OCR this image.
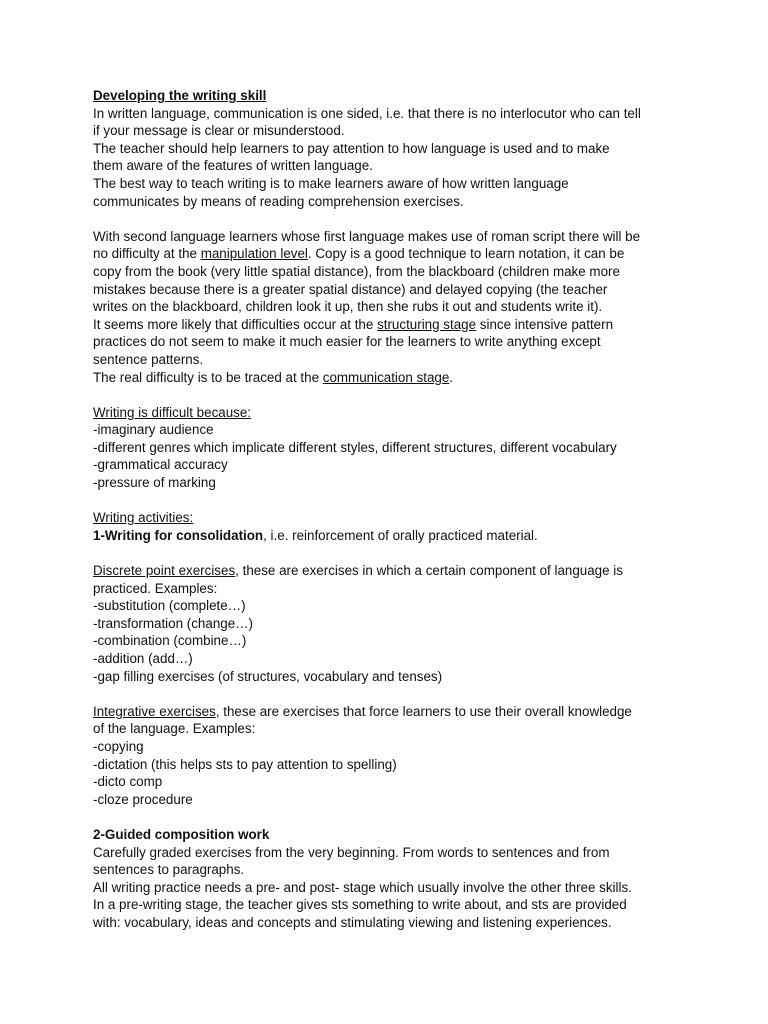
Developing the writing skill
In written language, communication is one sided, i.e. that there is no interlocutor who can tell
if your message is clear or misunderstood.
The teacher should help learners to pay attention to how language is used and to make
them aware of the features of written language.
The best way to teach writing is to make learners aware of how written language
communicates by means of reading comprehension exercises.
With second language learners whose first language makes use of roman script there will be
no difficulty at the manipulation level. Copy is a good technique to learn notation, it can be
copy from the book (very little spatial distance), from the blackboard (children make more
mistakes because there is a greater spatial distance) and delayed copying (the teacher
writes on the blackboard, children look it up, then she rubs it out and students write it).
It seems more likely that difficulties occur at the structuring stage since intensive pattern
practices do not seem to make it much easier for the learners to write anything except
sentence patterns.
The real difficulty is to be traced at the communication stage.
Writing is difficult because:
-imaginary audience
-different genres which implicate different styles, different structures, different vocabulary
-grammatical accuracy
-pressure of marking
Writing activities:
1-Writing for consolidation, i.e. reinforcement of orally practiced material.
Discrete point exercises, these are exercises in which a certain component of language is
practiced. Examples:
-substitution (complete…)
-transformation (change…)
-combination (combine…)
-addition (add…)
-gap filling exercises (of structures, vocabulary and tenses)
Integrative exercises, these are exercises that force learners to use their overall knowledge
of the language. Examples:
-copying
-dictation (this helps sts to pay attention to spelling)
-dicto comp
-cloze procedure
2-Guided composition work
Carefully graded exercises from the very beginning. From words to sentences and from
sentences to paragraphs.
All writing practice needs a pre- and post- stage which usually involve the other three skills.
In a pre-writing stage, the teacher gives sts something to write about, and sts are provided
with: vocabulary, ideas and concepts and stimulating viewing and listening experiences.
